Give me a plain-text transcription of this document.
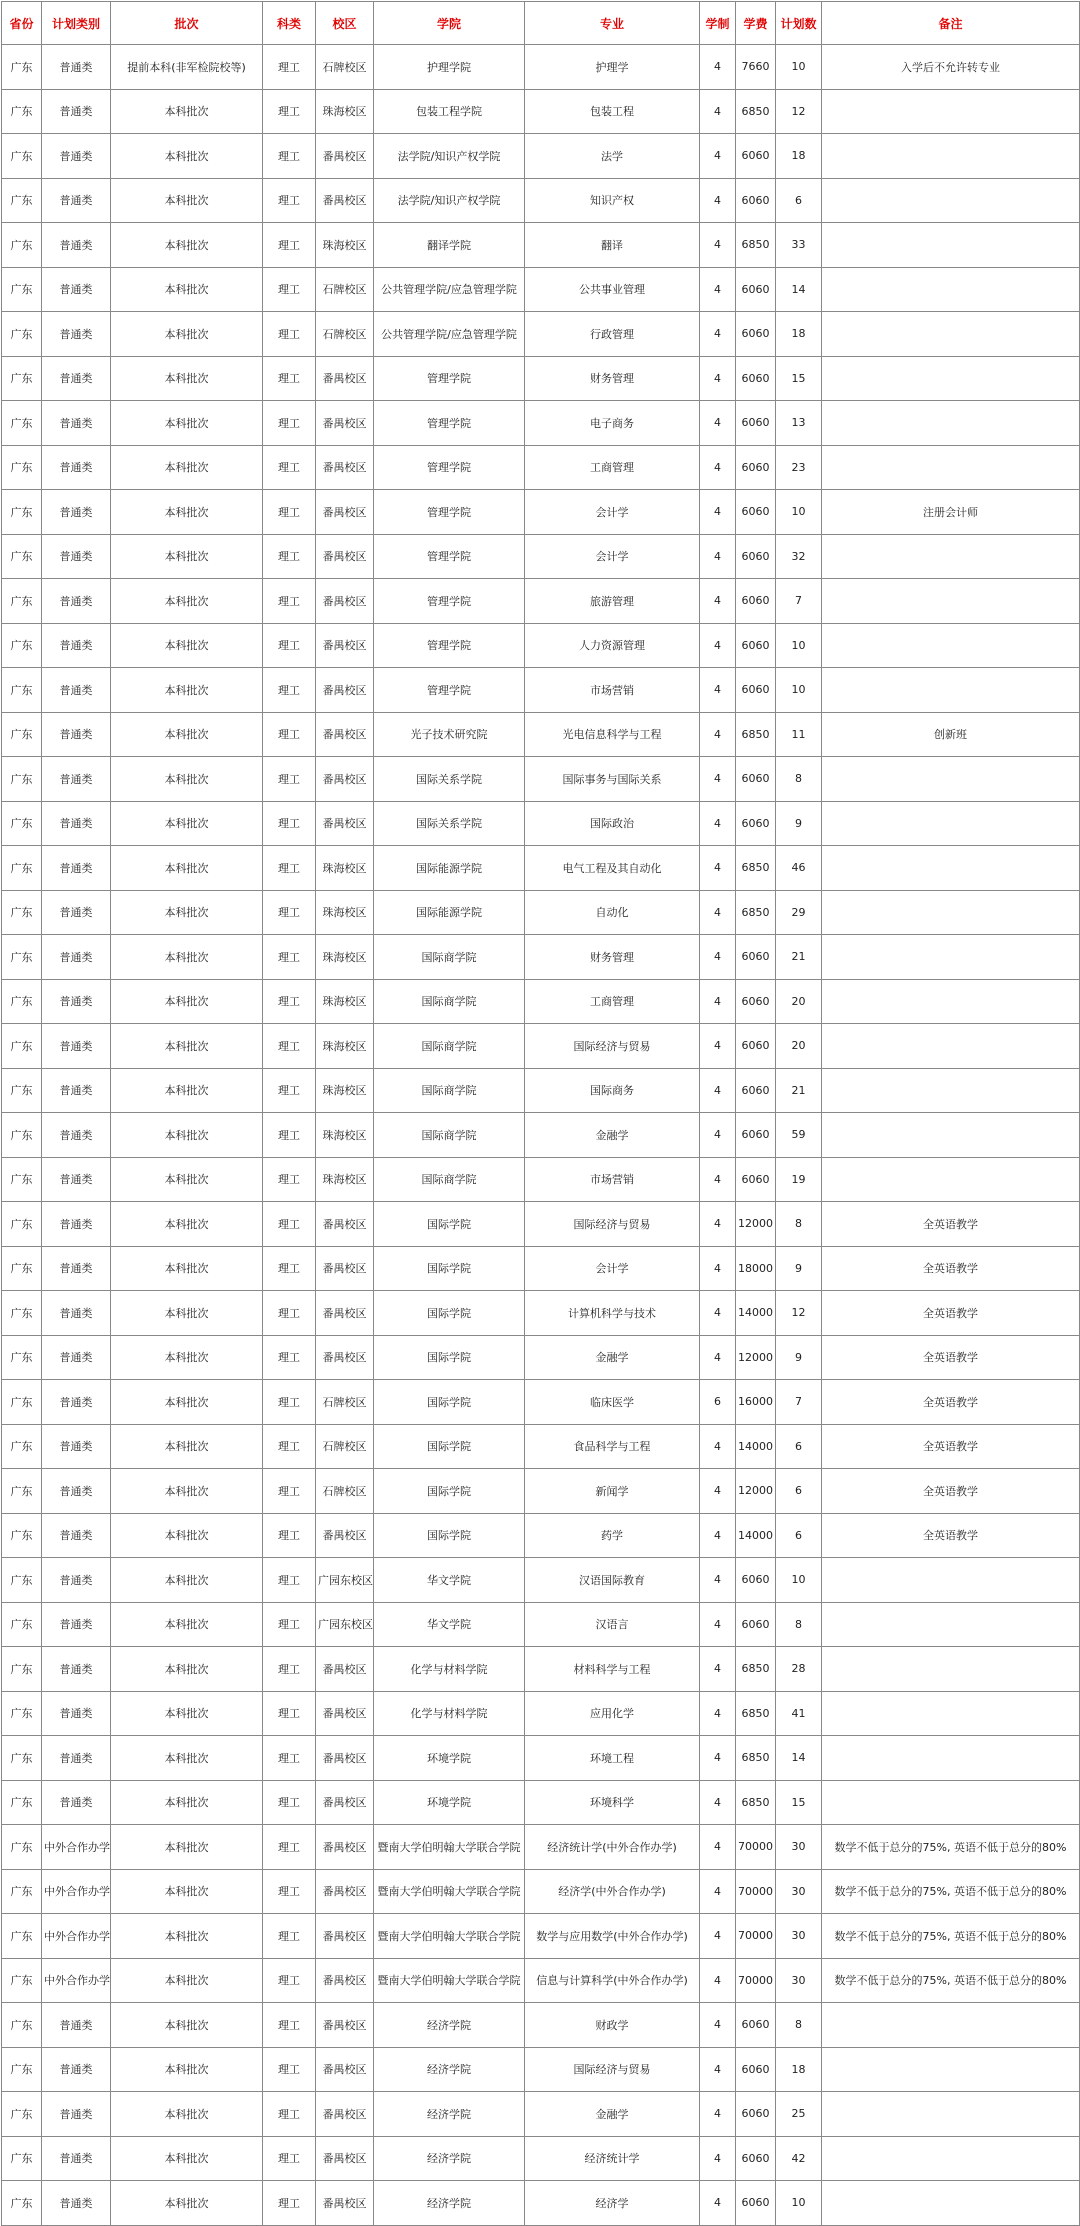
省份	计划类别	批次	科类	校区	学院	专业	学制	学费	计划数	备注
广东	普通类	提前本科(非军检院校等)	理工	石牌校区	护理学院	护理学	4	7660	10	入学后不允许转专业
广东	普通类	本科批次	理工	珠海校区	包装工程学院	包装工程	4	6850	12	
广东	普通类	本科批次	理工	番禺校区	法学院/知识产权学院	法学	4	6060	18	
广东	普通类	本科批次	理工	番禺校区	法学院/知识产权学院	知识产权	4	6060	6	
广东	普通类	本科批次	理工	珠海校区	翻译学院	翻译	4	6850	33	
广东	普通类	本科批次	理工	石牌校区	公共管理学院/应急管理学院	公共事业管理	4	6060	14	
广东	普通类	本科批次	理工	石牌校区	公共管理学院/应急管理学院	行政管理	4	6060	18	
广东	普通类	本科批次	理工	番禺校区	管理学院	财务管理	4	6060	15	
广东	普通类	本科批次	理工	番禺校区	管理学院	电子商务	4	6060	13	
广东	普通类	本科批次	理工	番禺校区	管理学院	工商管理	4	6060	23	
广东	普通类	本科批次	理工	番禺校区	管理学院	会计学	4	6060	10	注册会计师
广东	普通类	本科批次	理工	番禺校区	管理学院	会计学	4	6060	32	
广东	普通类	本科批次	理工	番禺校区	管理学院	旅游管理	4	6060	7	
广东	普通类	本科批次	理工	番禺校区	管理学院	人力资源管理	4	6060	10	
广东	普通类	本科批次	理工	番禺校区	管理学院	市场营销	4	6060	10	
广东	普通类	本科批次	理工	番禺校区	光子技术研究院	光电信息科学与工程	4	6850	11	创新班
广东	普通类	本科批次	理工	番禺校区	国际关系学院	国际事务与国际关系	4	6060	8	
广东	普通类	本科批次	理工	番禺校区	国际关系学院	国际政治	4	6060	9	
广东	普通类	本科批次	理工	珠海校区	国际能源学院	电气工程及其自动化	4	6850	46	
广东	普通类	本科批次	理工	珠海校区	国际能源学院	自动化	4	6850	29	
广东	普通类	本科批次	理工	珠海校区	国际商学院	财务管理	4	6060	21	
广东	普通类	本科批次	理工	珠海校区	国际商学院	工商管理	4	6060	20	
广东	普通类	本科批次	理工	珠海校区	国际商学院	国际经济与贸易	4	6060	20	
广东	普通类	本科批次	理工	珠海校区	国际商学院	国际商务	4	6060	21	
广东	普通类	本科批次	理工	珠海校区	国际商学院	金融学	4	6060	59	
广东	普通类	本科批次	理工	珠海校区	国际商学院	市场营销	4	6060	19	
广东	普通类	本科批次	理工	番禺校区	国际学院	国际经济与贸易	4	12000	8	全英语教学
广东	普通类	本科批次	理工	番禺校区	国际学院	会计学	4	18000	9	全英语教学
广东	普通类	本科批次	理工	番禺校区	国际学院	计算机科学与技术	4	14000	12	全英语教学
广东	普通类	本科批次	理工	番禺校区	国际学院	金融学	4	12000	9	全英语教学
广东	普通类	本科批次	理工	石牌校区	国际学院	临床医学	6	16000	7	全英语教学
广东	普通类	本科批次	理工	石牌校区	国际学院	食品科学与工程	4	14000	6	全英语教学
广东	普通类	本科批次	理工	石牌校区	国际学院	新闻学	4	12000	6	全英语教学
广东	普通类	本科批次	理工	番禺校区	国际学院	药学	4	14000	6	全英语教学
广东	普通类	本科批次	理工	广园东校区	华文学院	汉语国际教育	4	6060	10	
广东	普通类	本科批次	理工	广园东校区	华文学院	汉语言	4	6060	8	
广东	普通类	本科批次	理工	番禺校区	化学与材料学院	材料科学与工程	4	6850	28	
广东	普通类	本科批次	理工	番禺校区	化学与材料学院	应用化学	4	6850	41	
广东	普通类	本科批次	理工	番禺校区	环境学院	环境工程	4	6850	14	
广东	普通类	本科批次	理工	番禺校区	环境学院	环境科学	4	6850	15	
广东	中外合作办学	本科批次	理工	番禺校区	暨南大学伯明翰大学联合学院	经济统计学(中外合作办学)	4	70000	30	数学不低于总分的75%, 英语不低于总分的80%
广东	中外合作办学	本科批次	理工	番禺校区	暨南大学伯明翰大学联合学院	经济学(中外合作办学)	4	70000	30	数学不低于总分的75%, 英语不低于总分的80%
广东	中外合作办学	本科批次	理工	番禺校区	暨南大学伯明翰大学联合学院	数学与应用数学(中外合作办学)	4	70000	30	数学不低于总分的75%, 英语不低于总分的80%
广东	中外合作办学	本科批次	理工	番禺校区	暨南大学伯明翰大学联合学院	信息与计算科学(中外合作办学)	4	70000	30	数学不低于总分的75%, 英语不低于总分的80%
广东	普通类	本科批次	理工	番禺校区	经济学院	财政学	4	6060	8	
广东	普通类	本科批次	理工	番禺校区	经济学院	国际经济与贸易	4	6060	18	
广东	普通类	本科批次	理工	番禺校区	经济学院	金融学	4	6060	25	
广东	普通类	本科批次	理工	番禺校区	经济学院	经济统计学	4	6060	42	
广东	普通类	本科批次	理工	番禺校区	经济学院	经济学	4	6060	10	
